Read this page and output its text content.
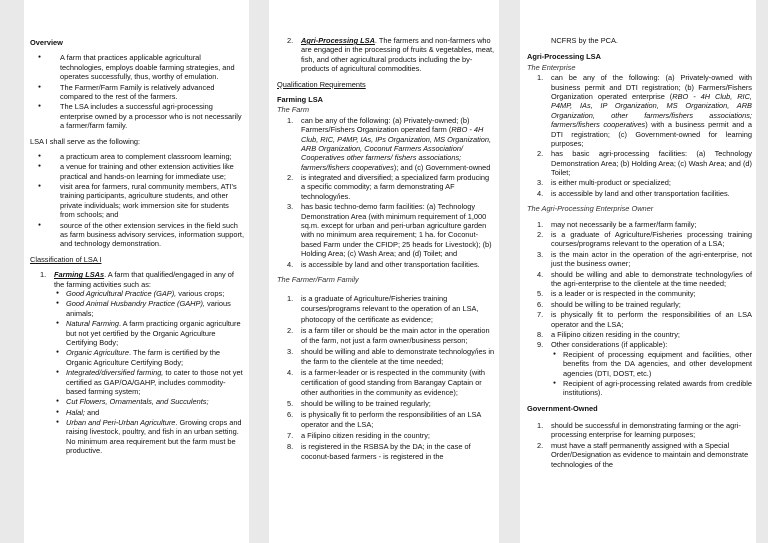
Overview
● A farm that practices applicable agricultural technologies, employs doable farming strategies, and operates successfully, thus, worthy of emulation.
● The Farmer/Farm Family is relatively advanced compared to the rest of the farmers.
● The LSA includes a successful agri-processing enterprise owned by a processor who is not necessarily a farmer/farm family.

LSA I shall serve as the following:

● a practicum area to complement classroom learning;
● a venue for training and other extension activities like practical and hands-on learning for immediate use;
● visit area for farmers, rural community members, ATI's training participants, agriculture students, and other private individuals; work immersion site for students from schools; and
● source of the other extension services in the field such as farm business advisory services, information support, and technology demonstration.

Classification of LSA I

Farming LSAs. A farm that qualified/engaged in any of the farming activities such as:
● Good Agricultural Practice (GAP), various crops;
● Good Animal Husbandry Practice (GAHP), various animals;
● Natural Farming. A farm practicing organic agriculture but not yet certified by the Organic Agriculture Certifying Body;
● Organic Agriculture. The farm is certified by the Organic Agriculture Certifying Body;
● Integrated/diversified farming, to cater to those not yet certified as GAP/OA/GAHP, includes commodity-based farming system;
● Cut Flowers, Ornamentals, and Succulents;
● Halal; and
● Urban and Peri-Urban Agriculture. Growing crops and raising livestock, poultry, and fish in an urban setting. No minimum area requirement but the farm must be productive.
2. Agri-Processing LSA. The farmers and non-farmers who are engaged in the processing of fruits & vegetables, meat, fish, and other agricultural products including the by-products of agricultural commodities.

Qualification Requirements

Farming LSA
The Farm
can be any of the following: (a) Privately-owned; (b) Farmers/Fishers Organization operated farm (RBO - 4H Club, RIC, P4MP, IAs, IPs Organization, MS Organization, ARB Organization, Coconut Farmers Association/ Cooperatives other farmers/ fishers associations; farmers/fishers cooperatives); and (c) Government-owned
is integrated and diversified; a specialized farm producing a specific commodity; a farm demonstrating AF technology/ies.
has basic techno-demo farm facilities: (a) Technology Demonstration Area (with minimum requirement of 1,000 sq.m. except for urban and peri-urban agriculture garden with no minimum area requirement; 1 ha. for Coconut-based Farm under the CFIDP; 25 heads for Livestock); (b) Holding Area; (c) Wash Area; and (d) Toilet; and
is accessible by land and other transportation facilities.

The Farmer/Farm Family

1. is a graduate of Agriculture/Fisheries training courses/programs relevant to the operation of an LSA, photocopy of the certificate as evidence;
2. is a farm tiller or should be the main actor in the operation of the farm, not just a farm owner/business person;
3. should be willing and able to demonstrate technology/ies in the farm to the clientele at the time needed;
4. is a farmer-leader or is respected in the community (with certification of good standing from Barangay Captain or other authorities in the community as evidence);
5. should be willing to be trained regularly;
6. is physically fit to perform the responsibilities of an LSA operator and the LSA;
7. a Filipino citizen residing in the country;
8. is registered in the RSBSA by the DA; in the case of coconut-based farmers - is registered in the

NCFRS by the PCA.

Agri-Processing LSA
The Enterprise
can be any of the following: (a) Privately-owned with business permit and DTI registration; (b) Farmers/Fishers Organization operated enterprise (RBO - 4H Club, RIC, P4MP, IAs, IP Organization, MS Organization, ARB Organization, other farmers/fishers associations; farmers/fishers cooperatives) with a business permit and a DTI registration; (c) Government-owned for learning purposes;
has basic agri-processing facilities: (a) Technology Demonstration Area; (b) Holding Area; (c) Wash Area; and (d) Toilet;
is either multi-product or specialized;
is accessible by land and other transportation facilities.

The Agri-Processing Enterprise Owner

may not necessarily be a farmer/farm family;
is a graduate of Agriculture/Fisheries processing training courses/programs relevant to the operation of a LSA;
is the main actor in the operation of the agri-enterprise, not just the business owner;
should be willing and able to demonstrate technology/ies of the agri-enterprise to the clientele at the time needed;
is a leader or is respected in the community;
should be willing to be trained regularly;
is physically fit to perform the responsibilities of an LSA operator and the LSA;
a Filipino citizen residing in the country;
Other considerations (if applicable):
● Recipient of processing equipment and facilities, other benefits from the DA agencies, and other development agencies (DTI, DOST, etc.)
● Recipient of agri-processing related awards from credible institutions).
Government-Owned
should be successful in demonstrating farming or the agri-processing enterprise for learning purposes;
must have a staff permanently assigned with a Special Order/Designation as evidence to maintain and demonstrate technologies of the
